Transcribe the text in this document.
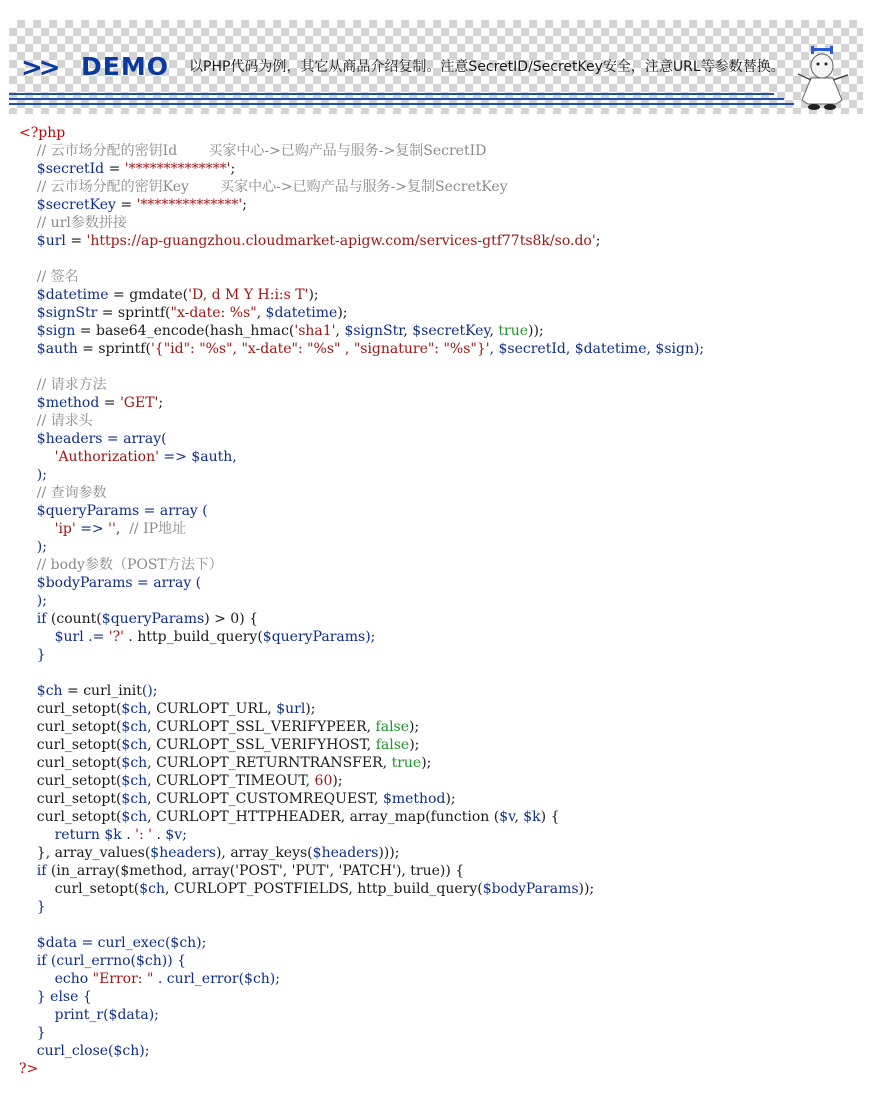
>> DEMO 以PHP代码为例，其它从商品介绍复制。注意SecretID/SecretKey安全，注意URL等参数替换。
<?php
// 云市场分配的密钥Id       买家中心->已购产品与服务->复制SecretID
$secretId = '**************';
// 云市场分配的密钥Key       买家中心->已购产品与服务->复制SecretKey
$secretKey = '**************';
// url参数拼接
$url = 'https://ap-guangzhou.cloudmarket-apigw.com/services-gtf77ts8k/so.do';
// 签名
$datetime = gmdate('D, d M Y H:i:s T');
$signStr = sprintf("x-date: %s", $datetime);
$sign = base64_encode(hash_hmac('sha1', $signStr, $secretKey, true));
$auth = sprintf('{"id": "%s", "x-date": "%s" , "signature": "%s"}', $secretId, $datetime, $sign);
// 请求方法
$method = 'GET';
// 请求头
$headers = array(
'Authorization' => $auth,
);
// 查询参数
$queryParams = array (
'ip' => '',  // IP地址
);
// body参数（POST方法下）
$bodyParams = array (
);
if (count($queryParams) > 0) {
$url .= '?' . http_build_query($queryParams);
}
$ch = curl_init();
curl_setopt($ch, CURLOPT_URL, $url);
curl_setopt($ch, CURLOPT_SSL_VERIFYPEER, false);
curl_setopt($ch, CURLOPT_SSL_VERIFYHOST, false);
curl_setopt($ch, CURLOPT_RETURNTRANSFER, true);
curl_setopt($ch, CURLOPT_TIMEOUT, 60);
curl_setopt($ch, CURLOPT_CUSTOMREQUEST, $method);
curl_setopt($ch, CURLOPT_HTTPHEADER, array_map(function ($v, $k) {
return $k . ': ' . $v;
}, array_values($headers), array_keys($headers)));
if (in_array($method, array('POST', 'PUT', 'PATCH'), true)) {
curl_setopt($ch, CURLOPT_POSTFIELDS, http_build_query($bodyParams));
}
$data = curl_exec($ch);
if (curl_errno($ch)) {
echo "Error: " . curl_error($ch);
} else {
print_r($data);
}
curl_close($ch);
?>
